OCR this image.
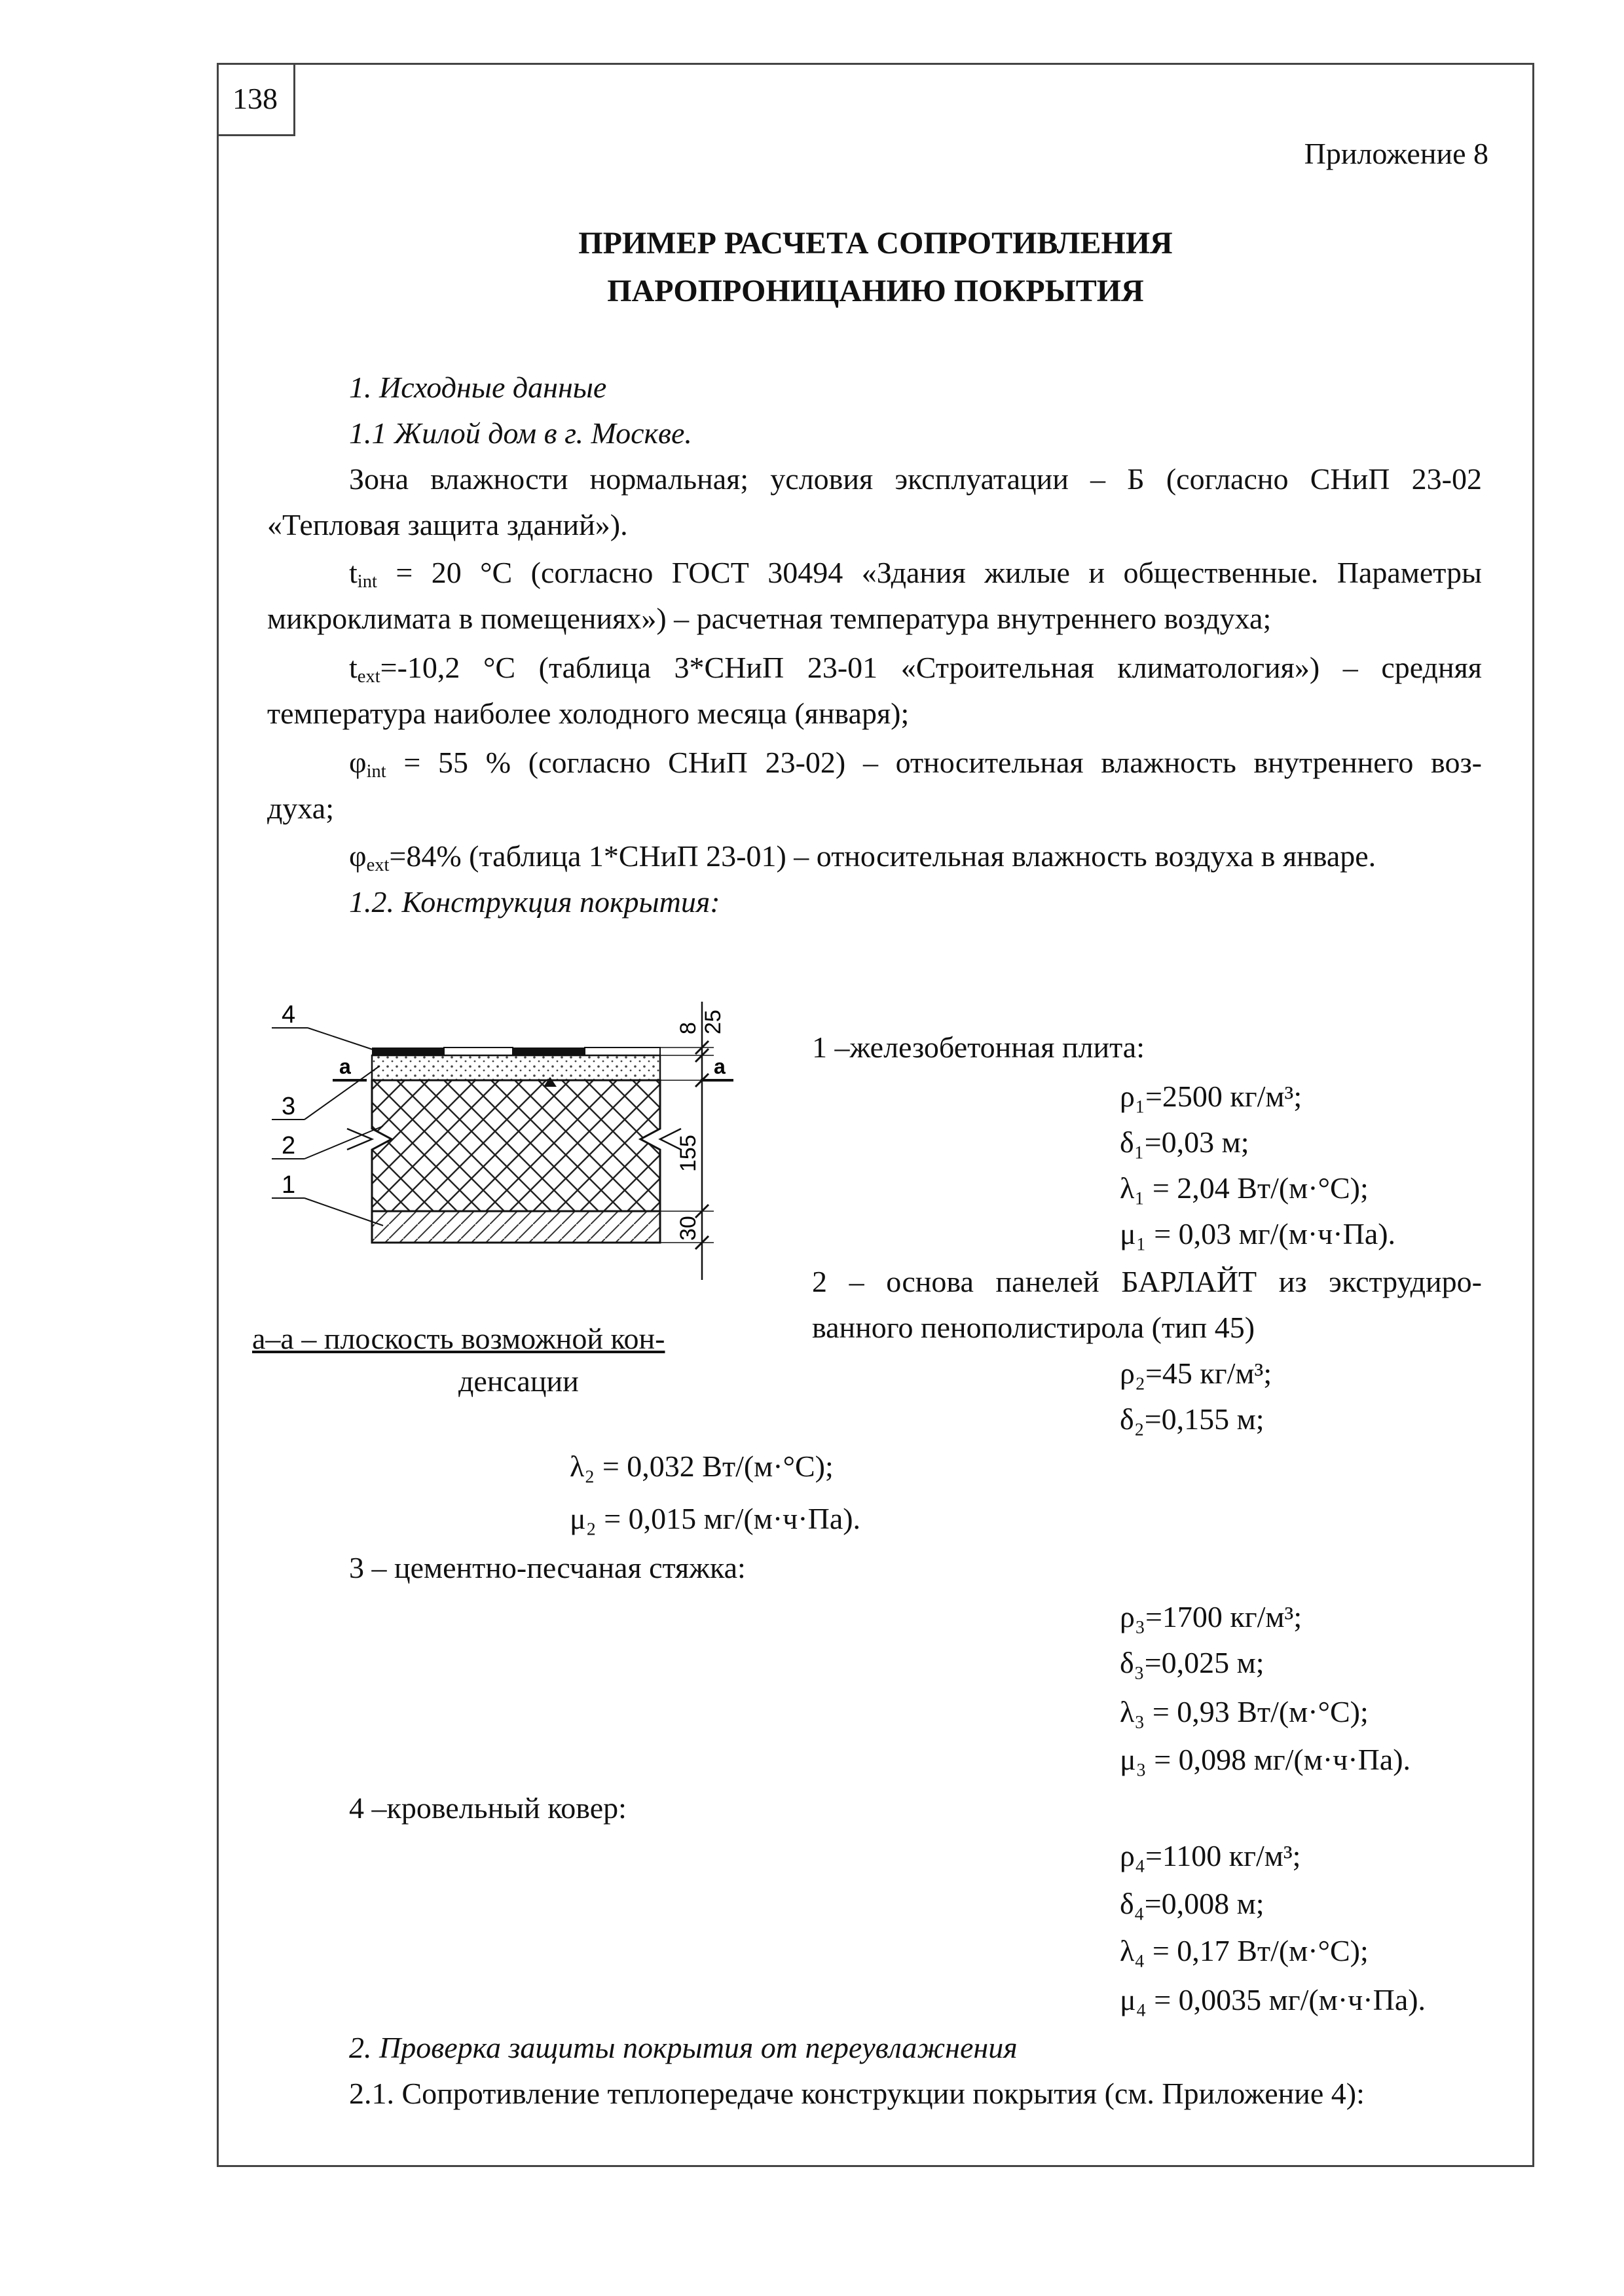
138
Приложение 8
ПРИМЕР РАСЧЕТА СОПРОТИВЛЕНИЯ
ПАРОПРОНИЦАНИЮ ПОКРЫТИЯ
1. Исходные данные
1.1 Жилой дом в г. Москве.
Зона влажности нормальная; условия эксплуатации – Б (согласно СНиП 23-02
«Тепловая защита зданий»).
$t_{int} = 20$ °С (согласно ГОСТ 30494 «Здания жилые и общественные. Параметры
микроклимата в помещениях») – расчетная температура внутреннего воздуха;
$t_{ext}=-10,2$ °С (таблица 3*СНиП 23-01 «Строительная климатология») – средняя
температура наиболее холодного месяца (января);
$\varphi_{int} = 55$ % (согласно СНиП 23-02) – относительная влажность внутреннего воз-
духа;
$\varphi_{ext}=84\%$ (таблица 1*СНиП 23-01) – относительная влажность воздуха в январе.
1.2. Конструкция покрытия:
a	a
4
3
2
1
8 25
155
30
а–а – плоскость возможной кон-
денсации
1 –железобетонная плита:
ρ₁=2500 кг/м³;
δ₁=0,03 м;
λ₁ = 2,04 Вт/(м·°С);
μ₁ = 0,03 мг/(м·ч·Па).
2 – основа панелей БАРЛАЙТ из экструдиро-
ванного пенополистирола (тип 45)
ρ₂=45 кг/м³;
δ₂=0,155 м;
λ₂ = 0,032 Вт/(м·°С);
μ₂ = 0,015 мг/(м·ч·Па).
3 – цементно-песчаная стяжка:
ρ₃=1700 кг/м³;
δ₃=0,025 м;
λ₃ = 0,93 Вт/(м·°С);
μ₃ = 0,098 мг/(м·ч·Па).
4 –кровельный ковер:
ρ₄=1100 кг/м³;
δ₄=0,008 м;
λ₄ = 0,17 Вт/(м·°С);
μ₄ = 0,0035 мг/(м·ч·Па).
2. Проверка защиты покрытия от переувлажнения
2.1. Сопротивление теплопередаче конструкции покрытия (см. Приложение 4):
